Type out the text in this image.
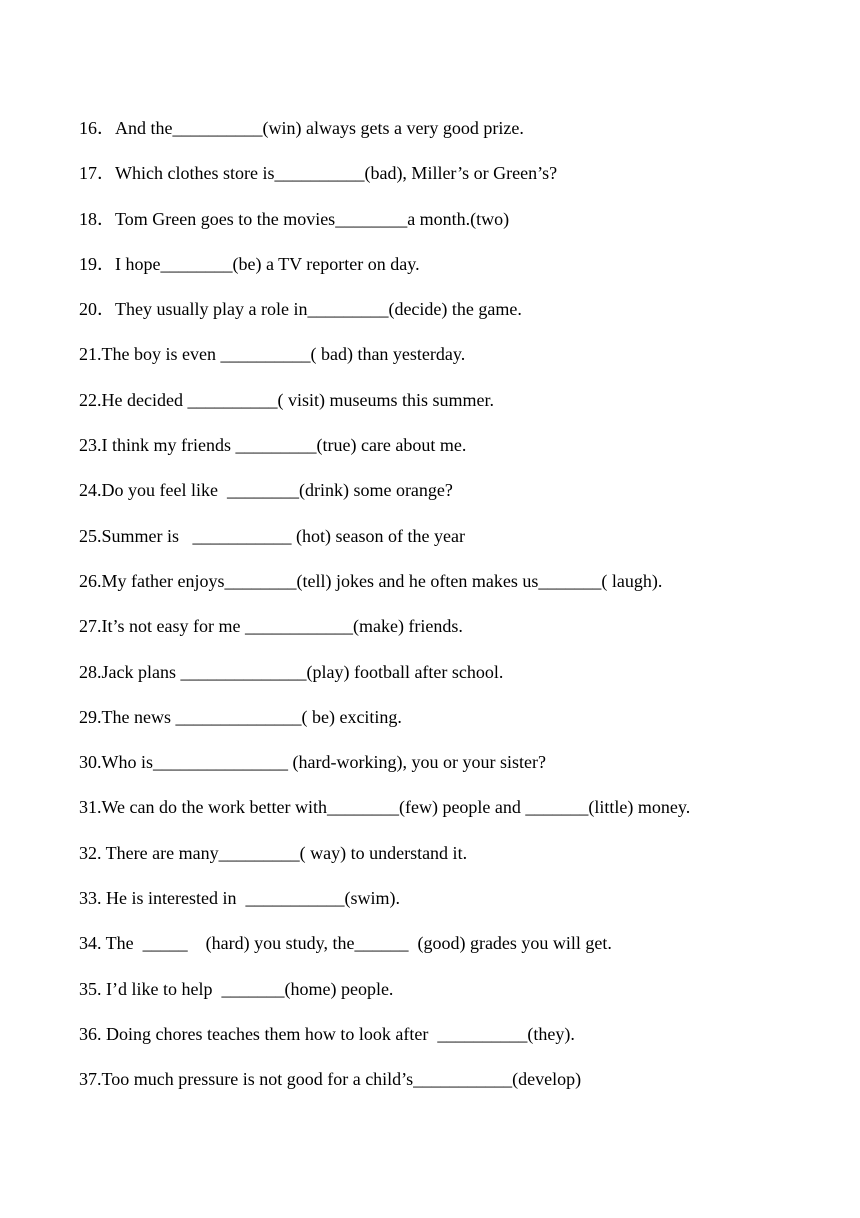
16．And the__________(win) always gets a very good prize.
17．Which clothes store is__________(bad), Miller’s or Green’s?
18．Tom Green goes to the movies________a month.(two)
19．I hope________(be) a TV reporter on day.
20．They usually play a role in_________(decide) the game.
21.The boy is even __________( bad) than yesterday.
22.He decided __________( visit) museums this summer.
23.I think my friends _________(true) care about me.
24.Do you feel like  ________(drink) some orange?
25.Summer is   ___________ (hot) season of the year
26.My father enjoys________(tell) jokes and he often makes us_______( laugh).
27.It’s not easy for me ____________(make) friends.
28.Jack plans ______________(play) football after school.
29.The news ______________( be) exciting.
30.Who is_______________ (hard-working), you or your sister?
31.We can do the work better with________(few) people and _______(little) money.
32. There are many_________( way) to understand it.
33. He is interested in  ___________(swim).
34. The  _____    (hard) you study, the______  (good) grades you will get.
35. I’d like to help  _______(home) people.
36. Doing chores teaches them how to look after  __________(they).
37.Too much pressure is not good for a child’s___________(develop)
